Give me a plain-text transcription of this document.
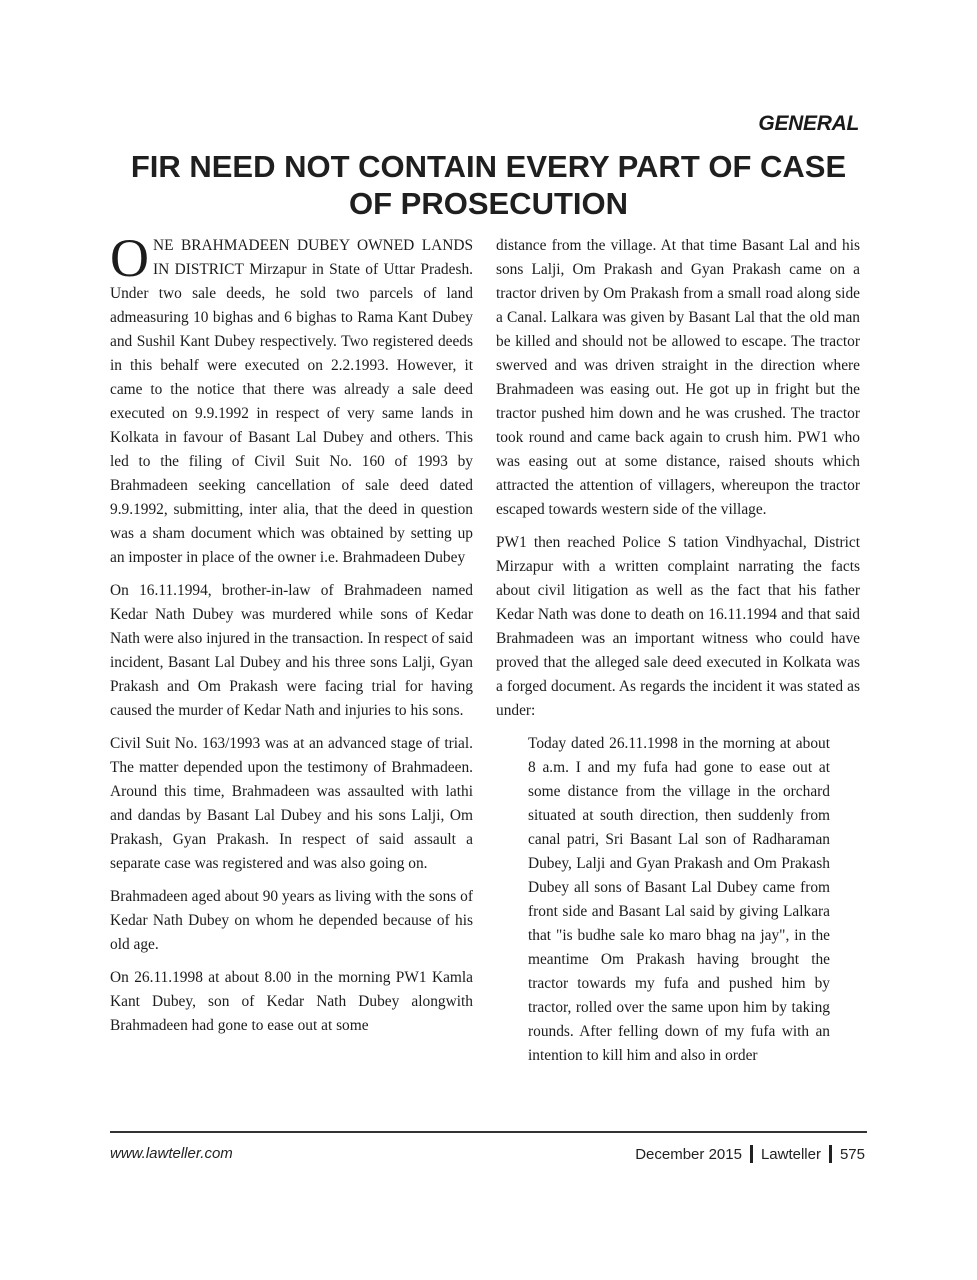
GENERAL
FIR NEED NOT CONTAIN EVERY PART OF CASE OF PROSECUTION

ONE BRAHMADEEN DUBEY OWNED LANDS IN DISTRICT Mirzapur in State of Uttar Pradesh. Under two sale deeds, he sold two parcels of land admeasuring 10 bighas and 6 bighas to Rama Kant Dubey and Sushil Kant Dubey respectively. Two registered deeds in this behalf were executed on 2.2.1993. However, it came to the notice that there was already a sale deed executed on 9.9.1992 in respect of very same lands in Kolkata in favour of Basant Lal Dubey and others. This led to the filing of Civil Suit No. 160 of 1993 by Brahmadeen seeking cancellation of sale deed dated 9.9.1992, submitting, inter alia, that the deed in question was a sham document which was obtained by setting up an imposter in place of the owner i.e. Brahmadeen Dubey

On 16.11.1994, brother-in-law of Brahmadeen named Kedar Nath Dubey was murdered while sons of Kedar Nath were also injured in the transaction. In respect of said incident, Basant Lal Dubey and his three sons Lalji, Gyan Prakash and Om Prakash were facing trial for having caused the murder of Kedar Nath and injuries to his sons.

Civil Suit No. 163/1993 was at an advanced stage of trial. The matter depended upon the testimony of Brahmadeen. Around this time, Brahmadeen was assaulted with lathi and dandas by Basant Lal Dubey and his sons Lalji, Om Prakash, Gyan Prakash. In respect of said assault a separate case was registered and was also going on.

Brahmadeen aged about 90 years as living with the sons of Kedar Nath Dubey on whom he depended because of his old age.

On 26.11.1998 at about 8.00 in the morning PW1 Kamla Kant Dubey, son of Kedar Nath Dubey alongwith Brahmadeen had gone to ease out at some

distance from the village. At that time Basant Lal and his sons Lalji, Om Prakash and Gyan Prakash came on a tractor driven by Om Prakash from a small road along side a Canal. Lalkara was given by Basant Lal that the old man be killed and should not be allowed to escape. The tractor swerved and was driven straight in the direction where Brahmadeen was easing out. He got up in fright but the tractor pushed him down and he was crushed. The tractor took round and came back again to crush him. PW1 who was easing out at some distance, raised shouts which attracted the attention of villagers, whereupon the tractor escaped towards western side of the village.

PW1 then reached Police S tation Vindhyachal, District Mirzapur with a written complaint narrating the facts about civil litigation as well as the fact that his father Kedar Nath was done to death on 16.11.1994 and that said Brahmadeen was an important witness who could have proved that the alleged sale deed executed in Kolkata was a forged document. As regards the incident it was stated as under:

Today dated 26.11.1998 in the morning at about 8 a.m. I and my fufa had gone to ease out at some distance from the village in the orchard situated at south direction, then suddenly from canal patri, Sri Basant Lal son of Radharaman Dubey, Lalji and Gyan Prakash and Om Prakash Dubey all sons of Basant Lal Dubey came from front side and Basant Lal said by giving Lalkara that "is budhe sale ko maro bhag na jay", in the meantime Om Prakash having brought the tractor towards my fufa and pushed him by tractor, rolled over the same upon him by taking rounds. After felling down of my fufa with an intention to kill him and also in order

www.lawteller.com	December 2015 Lawteller 575
